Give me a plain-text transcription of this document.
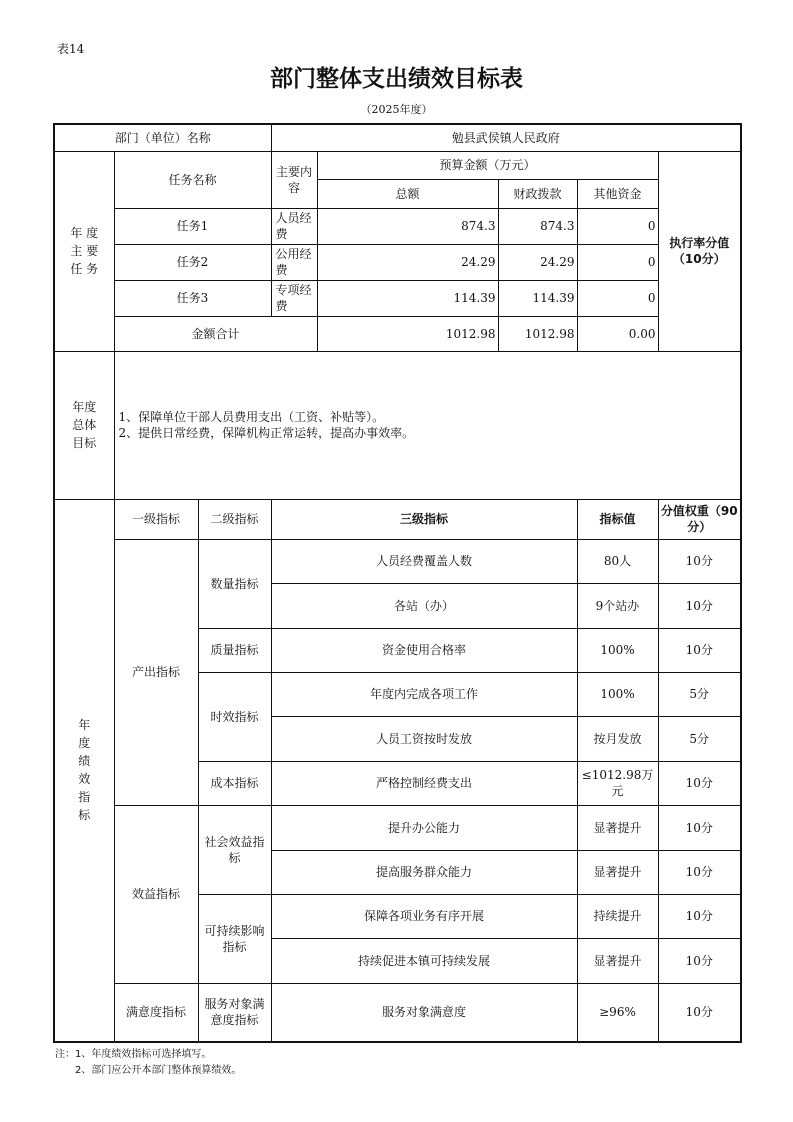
表14
部门整体支出绩效目标表
（2025年度）
部门（单位）名称			勉县武侯镇人民政府				

年 度 主 要 任 务	任务名称		主要内容	预算金额（万元）			执行率分值（10分）
				总额	财政拨款	其他资金	
	任务1		人员经费	874.3	874.3	0	
	任务2		公用经费	24.29	24.29	0	
	任务3		专项经费	114.39	114.39	0	
	金额合计			1012.98	1012.98	0.00	

年度总体目标	1、保障单位干部人员费用支出（工资、补贴等）。
2、提供日常经费，保障机构正常运转，提高办事效率。						

年度绩效指标	一级指标	二级指标	三级指标			指标值	分值权重（90分）
	产出指标	数量指标	人员经费覆盖人数			80人	10分
			各站（办）			9个站办	10分
		质量指标	资金使用合格率			100%	10分
		时效指标	年度内完成各项工作			100%	5分
			人员工资按时发放			按月发放	5分
		成本指标	严格控制经费支出			≤1012.98万元	10分
	效益指标	社会效益指标	提升办公能力			显著提升	10分
			提高服务群众能力			显著提升	10分
		可持续影响指标	保障各项业务有序开展			持续提升	10分
			持续促进本镇可持续发展			显著提升	10分
	满意度指标	服务对象满意度指标	服务对象满意度			≥96%	10分
注：1、年度绩效指标可选择填写。
　　2、部门应公开本部门整体预算绩效。
